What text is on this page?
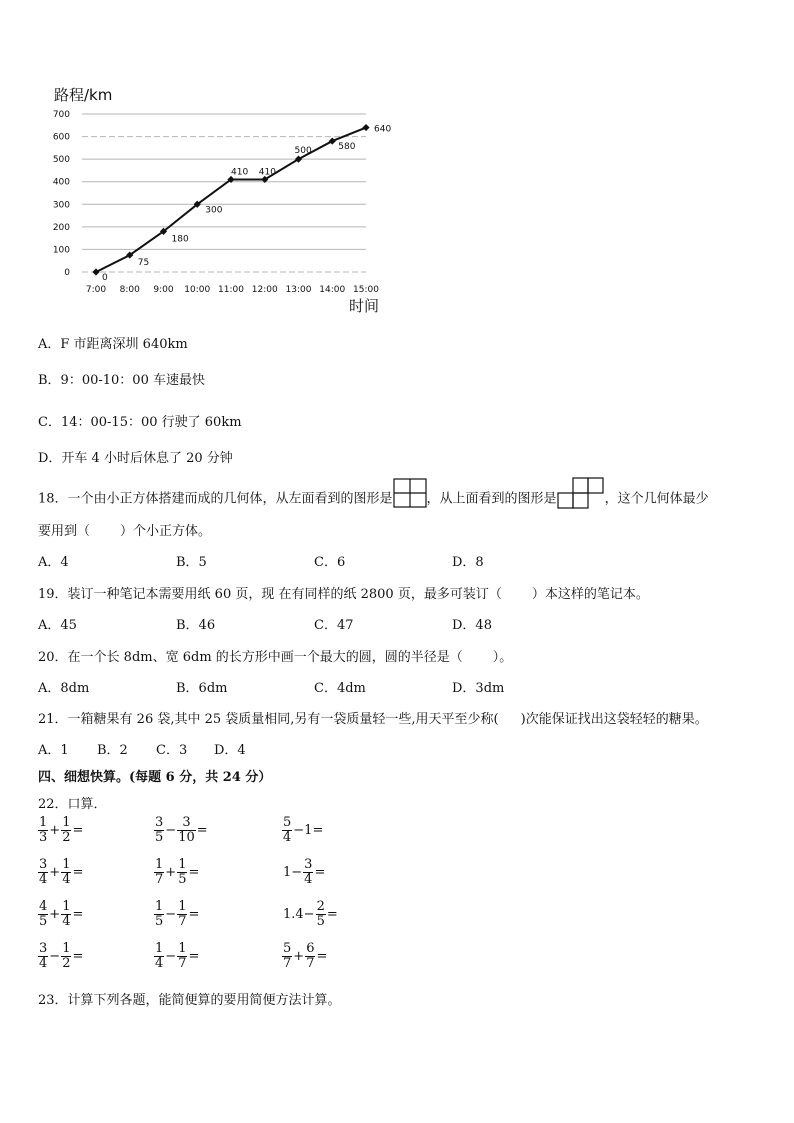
路程/km
0
100
200
300
400
500
600
700
7:00 8:00 9:00 10:00 11:00 12:00 13:00 14:00 15:00
0
75
180
300
410 410
500	580
640
时间
A．F 市距离深圳 640km
B．9：00-10：00 车速最快
C．14：00-15：00 行驶了 60km
D．开车 4 小时后休息了 20 分钟
18．一个由小正方体搭建而成的几何体，从左面看到的图形是	，从上面看到的图形是	，这个几何体最少
要用到（ ）个小正方体。
A．4	B．5	C．6	D．8
19．装订一种笔记本需要用纸 60 页，现 在有同样的纸 2800 页，最多可装订（ ）本这样的笔记本。
A．45	B．46	C．47	D．48
20．在一个长 8dm、宽 6dm 的长方形中画一个最大的圆，圆的半径是（ ）。
A．8dm	B．6dm	C．4dm	D．3dm
21．一箱糖果有 26 袋,其中 25 袋质量相同,另有一袋质量轻一些,用天平至少称( )次能保证找出这袋轻轻的糖果。
A．1 B．2 C．3 D．4
四、细想快算。(每题 6 分，共 24 分）
22．口算．
$\frac{1}{3} + \frac{1}{2}$ =	$\frac{3}{5} - \frac{3}{10}$ =	$\frac{5}{4} -1=$
$\frac{3}{4} + \frac{1}{4}$ =	$\frac{1}{7} + \frac{1}{5}$ =	$1- \frac{3}{4}$ =
$\frac{4}{5} + \frac{1}{4}$ =	$\frac{1}{5} - \frac{1}{7}$ =	$1.4- \frac{2}{5}$ =
$\frac{3}{4} - \frac{1}{2}$ =	$\frac{1}{4} - \frac{1}{7}$ =	$\frac{5}{7} + \frac{6}{7}$ =
23．计算下列各题，能简便算的要用简便方法计算。
